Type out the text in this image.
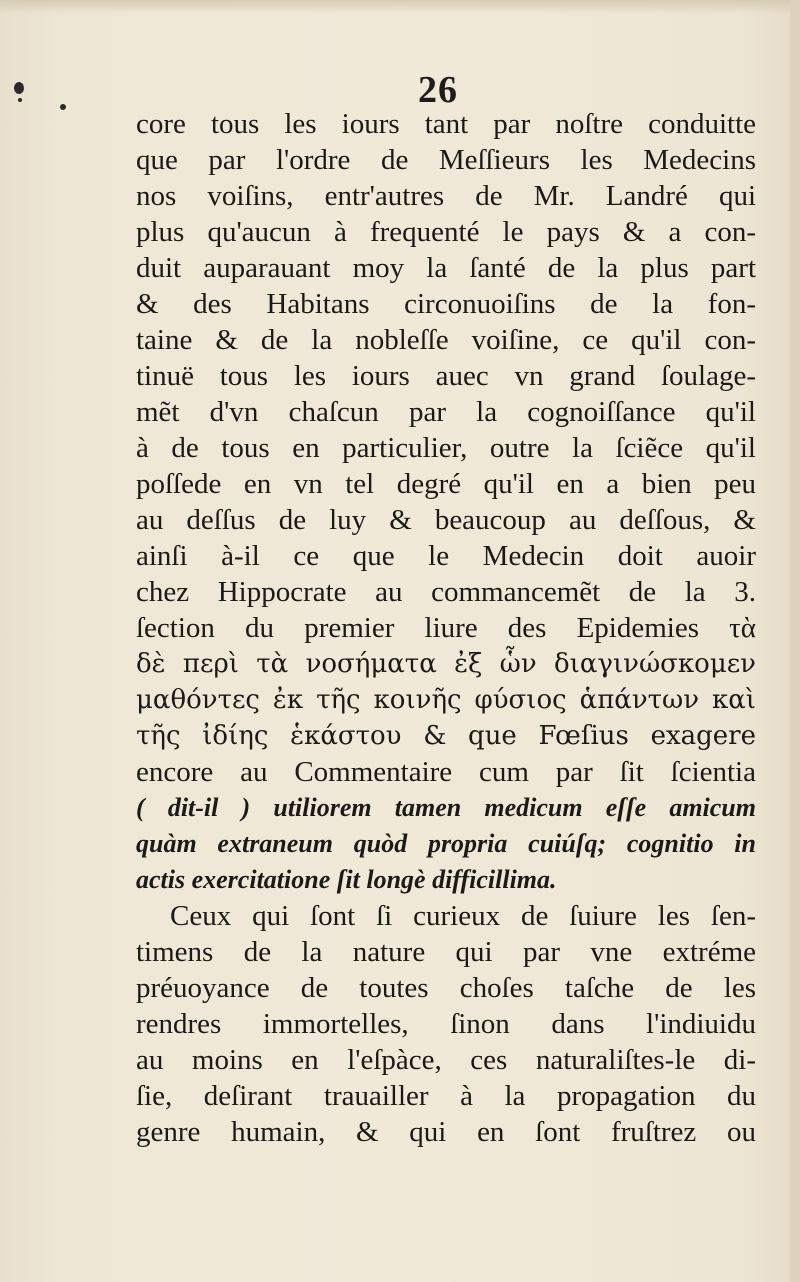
26
core tous les iours tant par noſtre conduitte
que par l'ordre de Meſſieurs les Medecins
nos voiſins, entr'autres de Mr. Landré qui
plus qu'aucun à frequenté le pays & a con-
duit auparauant moy la ſanté de la plus part
& des Habitans circonuoiſins de la fon-
taine & de la nobleſſe voiſine, ce qu'il con-
tinuë tous les iours auec vn grand ſoulage-
mẽt d'vn chaſcun par la cognoiſſance qu'il
à de tous en particulier, outre la ſciẽce qu'il
poſſede en vn tel degré qu'il en a bien peu
au deſſus de luy & beaucoup au deſſous, &
ainſi à-il ce que le Medecin doit auoir
chez Hippocrate au commancemẽt de la 3.
ſection du premier liure des Epidemies τὰ
δὲ περὶ τὰ νοσήματα ἐξ ὧν διαγινώσκομεν
μαθόντες ἐκ τῆς κοινῆς φύσιος ἁπάντων καὶ
τῆς ἰδίης ἑκάστου & que Fœſius exagere
encore au Commentaire cum par ſit ſcientia
( dit-il ) utiliorem tamen medicum eſſe amicum
quàm extraneum quòd propria cuiúſq; cognitio in
actis exercitatione ſit longè difficillima.
Ceux qui ſont ſi curieux de ſuiure les ſen-
timens de la nature qui par vne extréme
préuoyance de toutes choſes taſche de les
rendres immortelles, ſinon dans l'indiuidu
au moins en l'eſpàce, ces naturaliſtes-le di-
ſie, deſirant trauailler à la propagation du
genre humain, & qui en ſont fruſtrez ou
